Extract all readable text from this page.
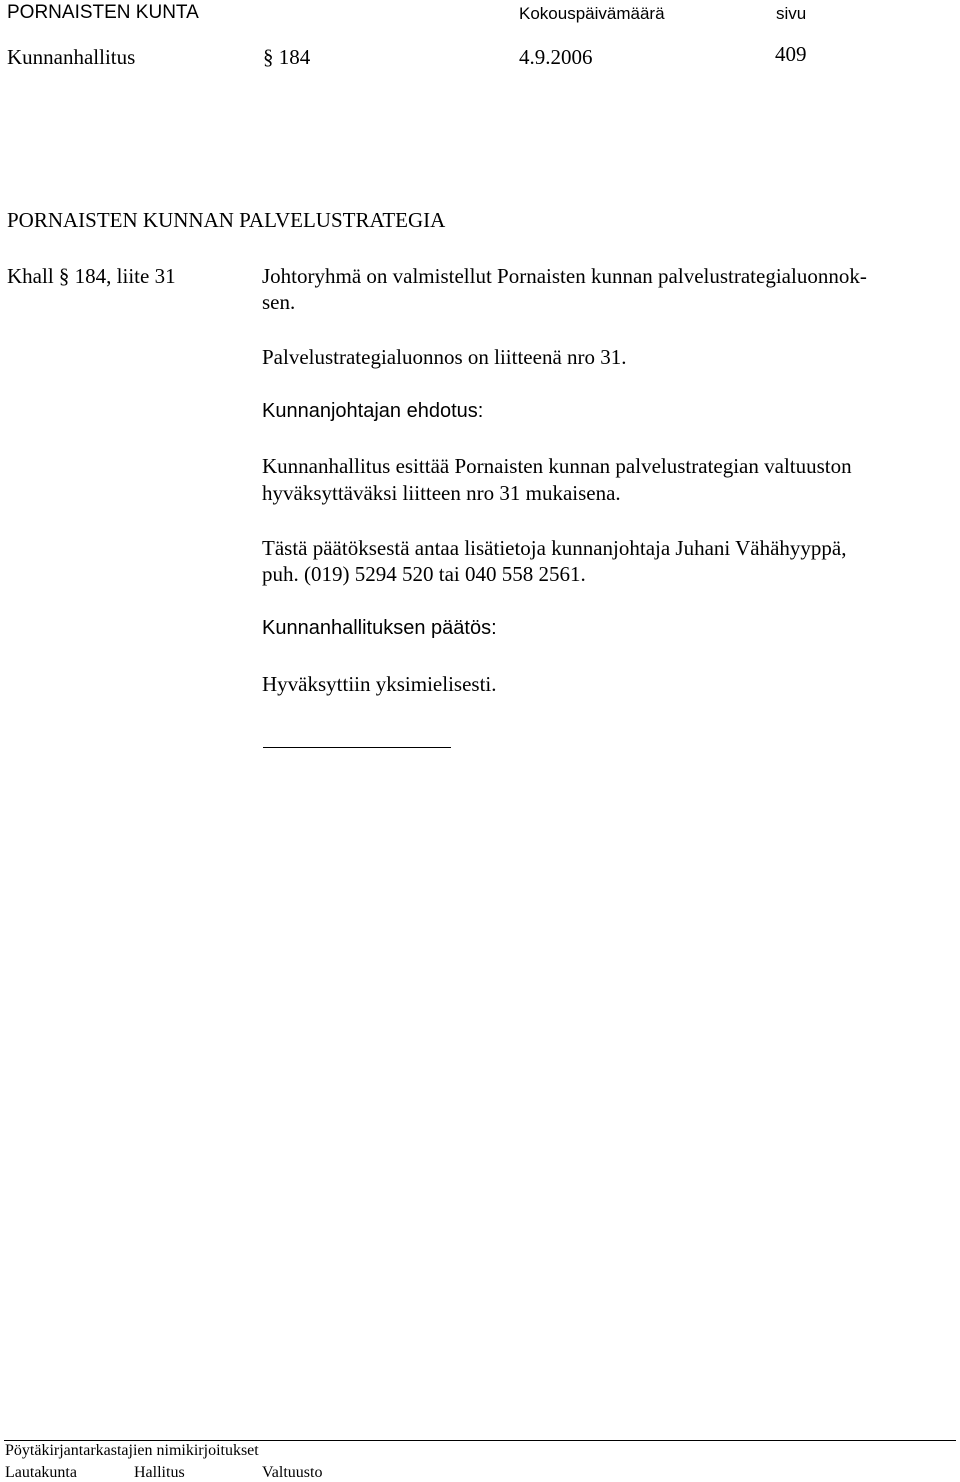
PORNAISTEN KUNTA	Kokouspäivämäärä	sivu
Kunnanhallitus	§ 184	4.9.2006	409
PORNAISTEN KUNNAN PALVELUSTRATEGIA
Khall § 184, liite 31	Johtoryhmä on valmistellut Pornaisten kunnan palvelustrategialuonnok-
sen.
Palvelustrategialuonnos on liitteenä nro 31.
Kunnanjohtajan ehdotus:
Kunnanhallitus esittää Pornaisten kunnan palvelustrategian valtuuston
hyväksyttäväksi liitteen nro 31 mukaisena.
Tästä päätöksestä antaa lisätietoja kunnanjohtaja Juhani Vähähyyppä,
puh. (019) 5294 520 tai 040 558 2561.
Kunnanhallituksen päätös:
Hyväksyttiin yksimielisesti.
Pöytäkirjantarkastajien nimikirjoitukset
Lautakunta	Hallitus	Valtuusto
